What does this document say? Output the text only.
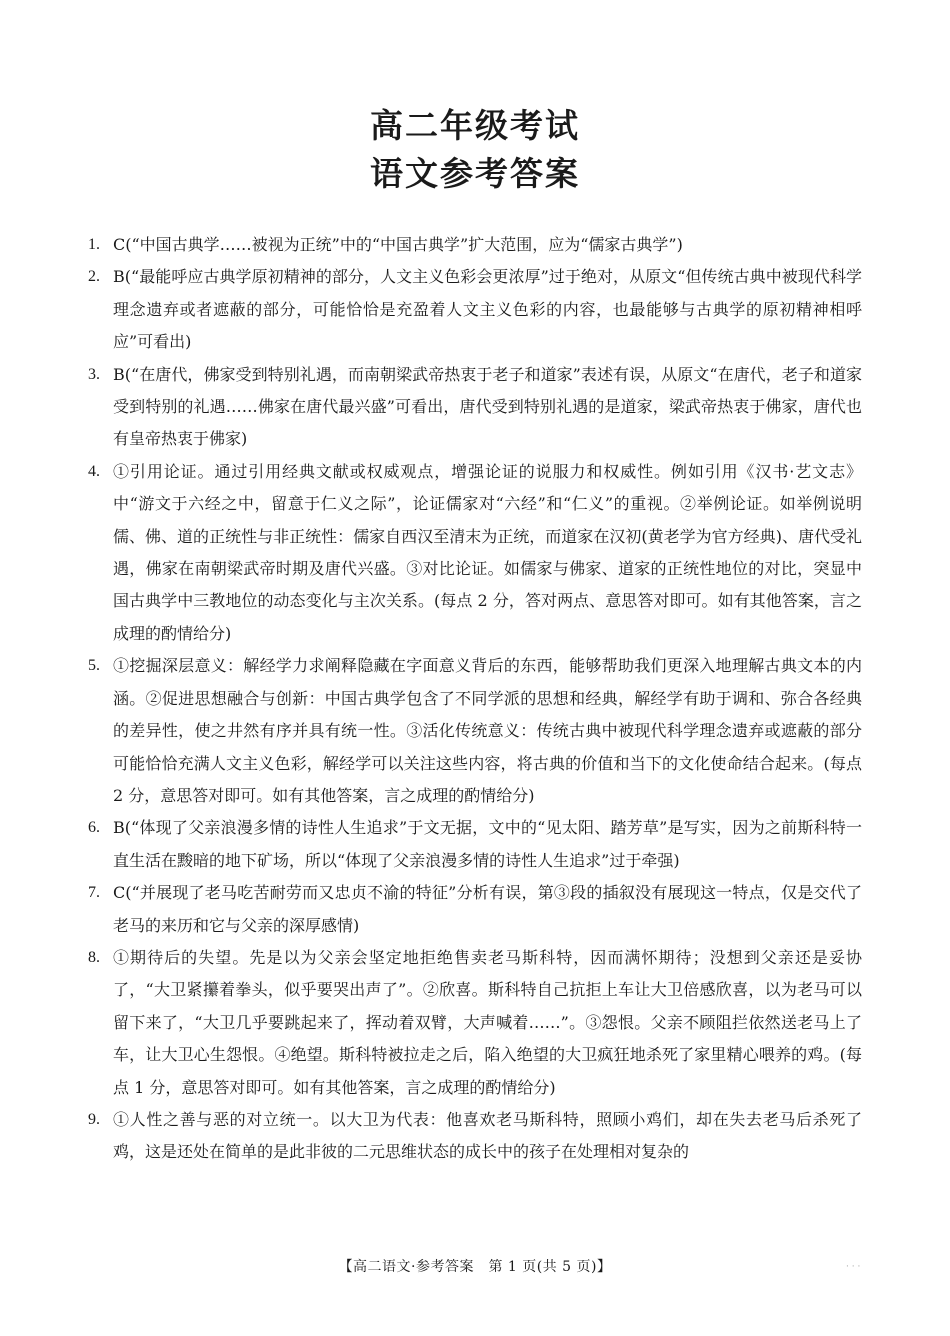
高二年级考试
语文参考答案
1. C(“中国古典学……被视为正统”中的“中国古典学”扩大范围，应为“儒家古典学”)
2. B(“最能呼应古典学原初精神的部分，人文主义色彩会更浓厚”过于绝对，从原文“但传统古典中被现代科学理念遗弃或者遮蔽的部分，可能恰恰是充盈着人文主义色彩的内容，也最能够与古典学的原初精神相呼应”可看出)
3. B(“在唐代，佛家受到特别礼遇，而南朝梁武帝热衷于老子和道家”表述有误，从原文“在唐代，老子和道家受到特别的礼遇……佛家在唐代最兴盛”可看出，唐代受到特别礼遇的是道家，梁武帝热衷于佛家，唐代也有皇帝热衷于佛家)
4. ①引用论证。通过引用经典文献或权威观点，增强论证的说服力和权威性。例如引用《汉书·艺文志》中“游文于六经之中，留意于仁义之际”，论证儒家对“六经”和“仁义”的重视。②举例论证。如举例说明儒、佛、道的正统性与非正统性：儒家自西汉至清末为正统，而道家在汉初(黄老学为官方经典)、唐代受礼遇，佛家在南朝梁武帝时期及唐代兴盛。③对比论证。如儒家与佛家、道家的正统性地位的对比，突显中国古典学中三教地位的动态变化与主次关系。(每点 2 分，答对两点、意思答对即可。如有其他答案，言之成理的酌情给分)
5. ①挖掘深层意义：解经学力求阐释隐藏在字面意义背后的东西，能够帮助我们更深入地理解古典文本的内涵。②促进思想融合与创新：中国古典学包含了不同学派的思想和经典，解经学有助于调和、弥合各经典的差异性，使之井然有序并具有统一性。③活化传统意义：传统古典中被现代科学理念遗弃或遮蔽的部分可能恰恰充满人文主义色彩，解经学可以关注这些内容，将古典的价值和当下的文化使命结合起来。(每点 2 分，意思答对即可。如有其他答案，言之成理的酌情给分)
6. B(“体现了父亲浪漫多情的诗性人生追求”于文无据，文中的“见太阳、踏芳草”是写实，因为之前斯科特一直生活在黢暗的地下矿场，所以“体现了父亲浪漫多情的诗性人生追求”过于牵强)
7. C(“并展现了老马吃苦耐劳而又忠贞不渝的特征”分析有误，第③段的插叙没有展现这一特点，仅是交代了老马的来历和它与父亲的深厚感情)
8. ①期待后的失望。先是以为父亲会坚定地拒绝售卖老马斯科特，因而满怀期待；没想到父亲还是妥协了，“大卫紧攥着拳头，似乎要哭出声了”。②欣喜。斯科特自己抗拒上车让大卫倍感欣喜，以为老马可以留下来了，“大卫几乎要跳起来了，挥动着双臂，大声喊着……”。③怨恨。父亲不顾阻拦依然送老马上了车，让大卫心生怨恨。④绝望。斯科特被拉走之后，陷入绝望的大卫疯狂地杀死了家里精心喂养的鸡。(每点 1 分，意思答对即可。如有其他答案，言之成理的酌情给分)
9. ①人性之善与恶的对立统一。以大卫为代表：他喜欢老马斯科特，照顾小鸡们，却在失去老马后杀死了鸡，这是还处在简单的是此非彼的二元思维状态的成长中的孩子在处理相对复杂的
【高二语文·参考答案　第 1 页(共 5 页)】	· · ·
